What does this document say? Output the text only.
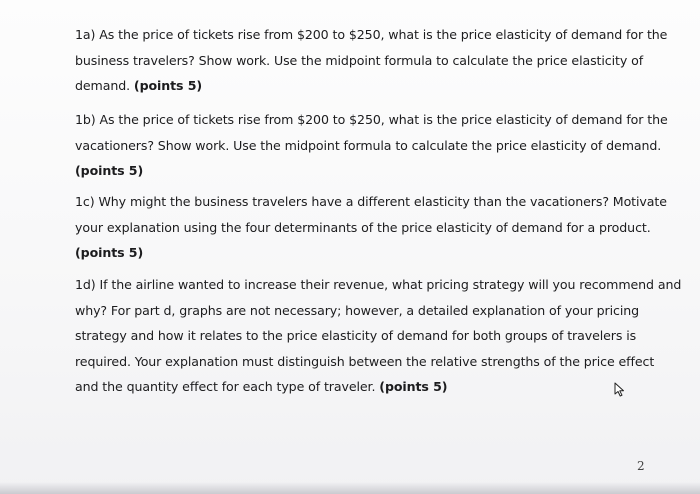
1a) As the price of tickets rise from $200 to $250, what is the price elasticity of demand for the
business travelers? Show work. Use the midpoint formula to calculate the price elasticity of
demand. (points 5)
1b) As the price of tickets rise from $200 to $250, what is the price elasticity of demand for the
vacationers? Show work. Use the midpoint formula to calculate the price elasticity of demand.
(points 5)
1c) Why might the business travelers have a different elasticity than the vacationers? Motivate
your explanation using the four determinants of the price elasticity of demand for a product.
(points 5)
1d) If the airline wanted to increase their revenue, what pricing strategy will you recommend and
why? For part d, graphs are not necessary; however, a detailed explanation of your pricing
strategy and how it relates to the price elasticity of demand for both groups of travelers is
required. Your explanation must distinguish between the relative strengths of the price effect
and the quantity effect for each type of traveler. (points 5)
2
